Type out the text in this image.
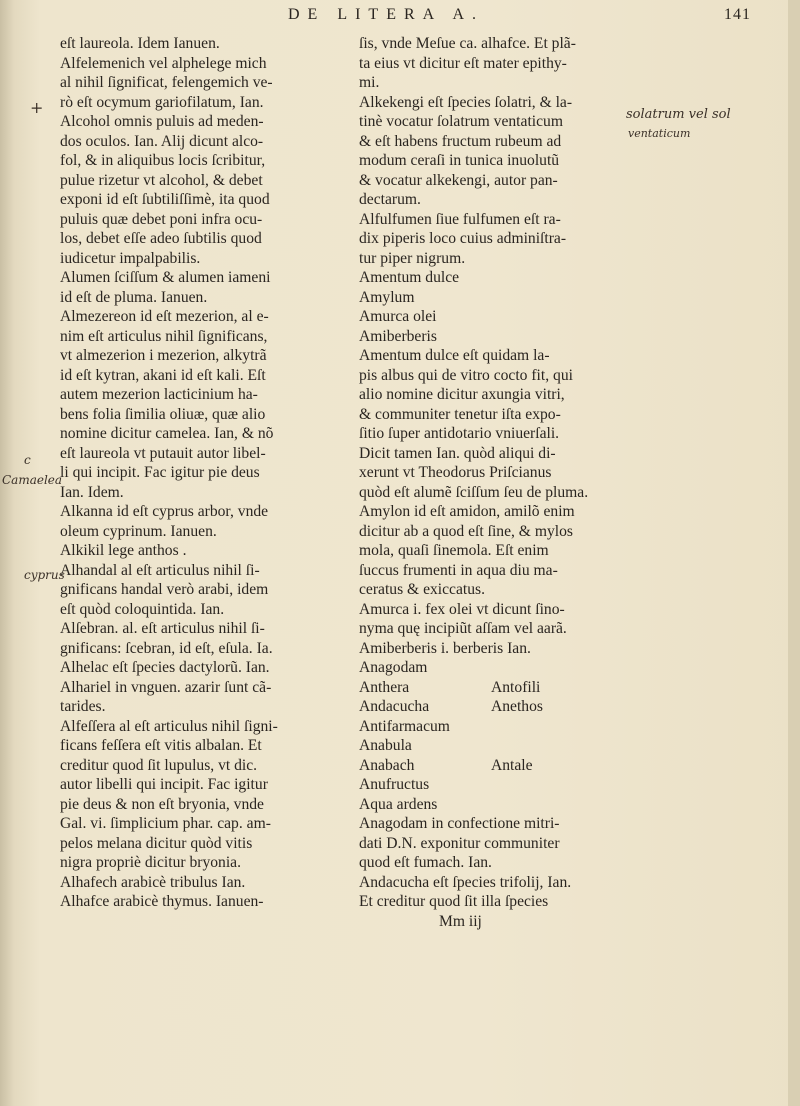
DE LITERA A.	141
eſt laureola. Idem Ianuen.
Alfelemenich vel alphelege mich
al nihil ſignificat, felengemich ve-
rò eſt ocymum gariofilatum, Ian.
Alcohol omnis puluis ad meden-
dos oculos. Ian. Alij dicunt alco-
fol, & in aliquibus locis ſcribitur,
pulue rizetur vt alcohol, & debet
exponi id eſt ſubtiliſſimè, ita quod
puluis quæ debet poni infra ocu-
los, debet eſſe adeo ſubtilis quod
iudicetur impalpabilis.
Alumen ſciſſum & alumen iameni
id eſt de pluma. Ianuen.
Almezereon id eſt mezerion, al e-
nim eſt articulus nihil ſignificans,
vt almezerion i mezerion, alkytrã
id eſt kytran, akani id eſt kali. Eſt
autem mezerion lacticinium ha-
bens folia ſimilia oliuæ, quæ alio
nomine dicitur camelea. Ian, & nõ
eſt laureola vt putauit autor libel-
li qui incipit. Fac igitur pie deus
Ian. Idem.
Alkanna id eſt cyprus arbor, vnde
oleum cyprinum. Ianuen.
Alkikil lege anthos .
Alhandal al eſt articulus nihil ſi-
gnificans handal verò arabi, idem
eſt quòd coloquintida. Ian.
Alſebran. al. eſt articulus nihil ſi-
gnificans: ſcebran, id eſt, eſula. Ia.
Alhelac eſt ſpecies dactylorũ. Ian.
Alhariel in vnguen. azarir ſunt cã-
tarides.
Alfeſſera al eſt articulus nihil ſigni-
ficans feſſera eſt vitis albalan. Et
creditur quod ſit lupulus, vt dic.
autor libelli qui incipit. Fac igitur
pie deus & non eſt bryonia, vnde
Gal. vi. ſimplicium phar. cap. am-
pelos melana dicitur quòd vitis
nigra propriè dicitur bryonia.
Alhafech arabicè tribulus Ian.
Alhafce arabicè thymus. Ianuen-
ſis, vnde Meſue ca. alhafce. Et plã-
ta eius vt dicitur eſt mater epithy-
mi.
Alkekengi eſt ſpecies ſolatri, & la-
tinè vocatur ſolatrum ventaticum
& eſt habens fructum rubeum ad
modum ceraſi in tunica inuolutũ
& vocatur alkekengi, autor pan-
dectarum.
Alfulfumen ſiue fulfumen eſt ra-
dix piperis loco cuius adminiſtra-
tur piper nigrum.
Amentum dulce
Amylum
Amurca olei
Amiberberis
Amentum dulce eſt quidam la-
pis albus qui de vitro cocto fit, qui
alio nomine dicitur axungia vitri,
& communiter tenetur iſta expo-
ſitio ſuper antidotario vniuerſali.
Dicit tamen Ian. quòd aliqui di-
xerunt vt Theodorus Priſcianus
quòd eſt alumẽ ſciſſum ſeu de pluma.
Amylon id eſt amidon, amilõ enim
dicitur ab a quod eſt ſine, & mylos
mola, quaſi ſinemola. Eſt enim
ſuccus frumenti in aqua diu ma-
ceratus & exiccatus.
Amurca i. fex olei vt dicunt ſino-
nyma quę incipiũt aſſam vel aarã.
Amiberberis i. berberis Ian.
Anagodam
Anthera	Antofili
Andacucha	Anethos
Antifarmacum
Anabula
Anabach	Antale
Anufructus
Aqua ardens
Anagodam in confectione mitri-
dati D.N. exponitur communiter
quod eſt fumach. Ian.
Andacucha eſt ſpecies trifolij, Ian.
Et creditur quod ſit illa ſpecies
Mm iij
+
c
Camaelea
cyprus
solatrum vel sol
ventaticum
